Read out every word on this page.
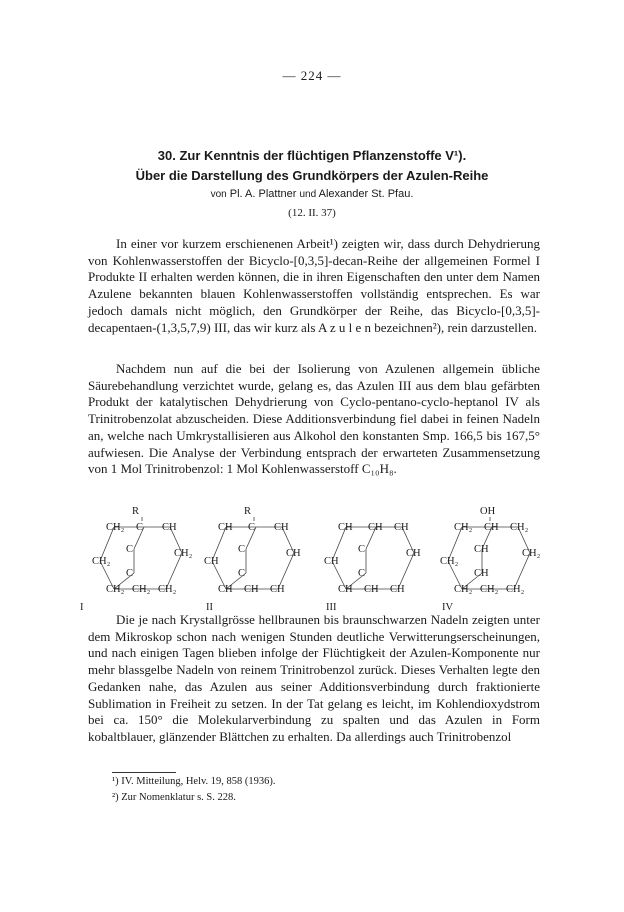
— 224 —
30. Zur Kenntnis der flüchtigen Pflanzenstoffe V¹).
Über die Darstellung des Grundkörpers der Azulen-Reihe
von Pl. A. Plattner und Alexander St. Pfau.
(12. II. 37)

In einer vor kurzem erschienenen Arbeit¹) zeigten wir, dass durch Dehydrierung von Kohlenwasserstoffen der Bicyclo-[0,3,5]-decan-Reihe der allgemeinen Formel I Produkte II erhalten werden können, die in ihren Eigenschaften den unter dem Namen Azulene bekannten blauen Kohlenwasserstoffen vollständig entsprechen. Es war jedoch damals nicht möglich, den Grundkörper der Reihe, das Bicyclo-[0,3,5]-decapentaen-(1,3,5,7,9) III, das wir kurz als A z u l e n bezeichnen²), rein darzustellen.

Nachdem nun auf die bei der Isolierung von Azulenen allgemein übliche Säurebehandlung verzichtet wurde, gelang es, das Azulen III aus dem blau gefärbten Produkt der katalytischen Dehydrierung von Cyclo-pentano-cyclo-heptanol IV als Trinitrobenzolat abzuscheiden. Diese Additionsverbindung fiel dabei in feinen Nadeln an, welche nach Umkrystallisieren aus Alkohol den konstanten Smp. 166,5 bis 167,5° aufwiesen. Die Analyse der Verbindung entsprach der erwarteten Zusammensetzung von 1 Mol Trinitrobenzol: 1 Mol Kohlenwasserstoff C₁₀H₈.

CH₂ C CH
C	CH₂
CH₂
C
CH₂ CH₂ CH₂
R
I
CH C CH
C	CH
CH
C
CH CH CH
R
II
CH CH CH
C	CH
CH
C
CH CH CH
III
CH₂ CH CH₂
CH	CH₂
CH₂
CH
CH₂ CH₂ CH₂
OH
IV

Die je nach Krystallgrösse hellbraunen bis braunschwarzen Nadeln zeigten unter dem Mikroskop schon nach wenigen Stunden deutliche Verwitterungserscheinungen, und nach einigen Tagen blieben infolge der Flüchtigkeit der Azulen-Komponente nur mehr blassgelbe Nadeln von reinem Trinitrobenzol zurück. Dieses Verhalten legte den Gedanken nahe, das Azulen aus seiner Additionsverbindung durch fraktionierte Sublimation in Freiheit zu setzen. In der Tat gelang es leicht, im Kohlendioxydstrom bei ca. 150° die Molekularverbindung zu spalten und das Azulen in Form kobaltblauer, glänzender Blättchen zu erhalten. Da allerdings auch Trinitrobenzol

¹) IV. Mitteilung, Helv. 19, 858 (1936).
²) Zur Nomenklatur s. S. 228.
